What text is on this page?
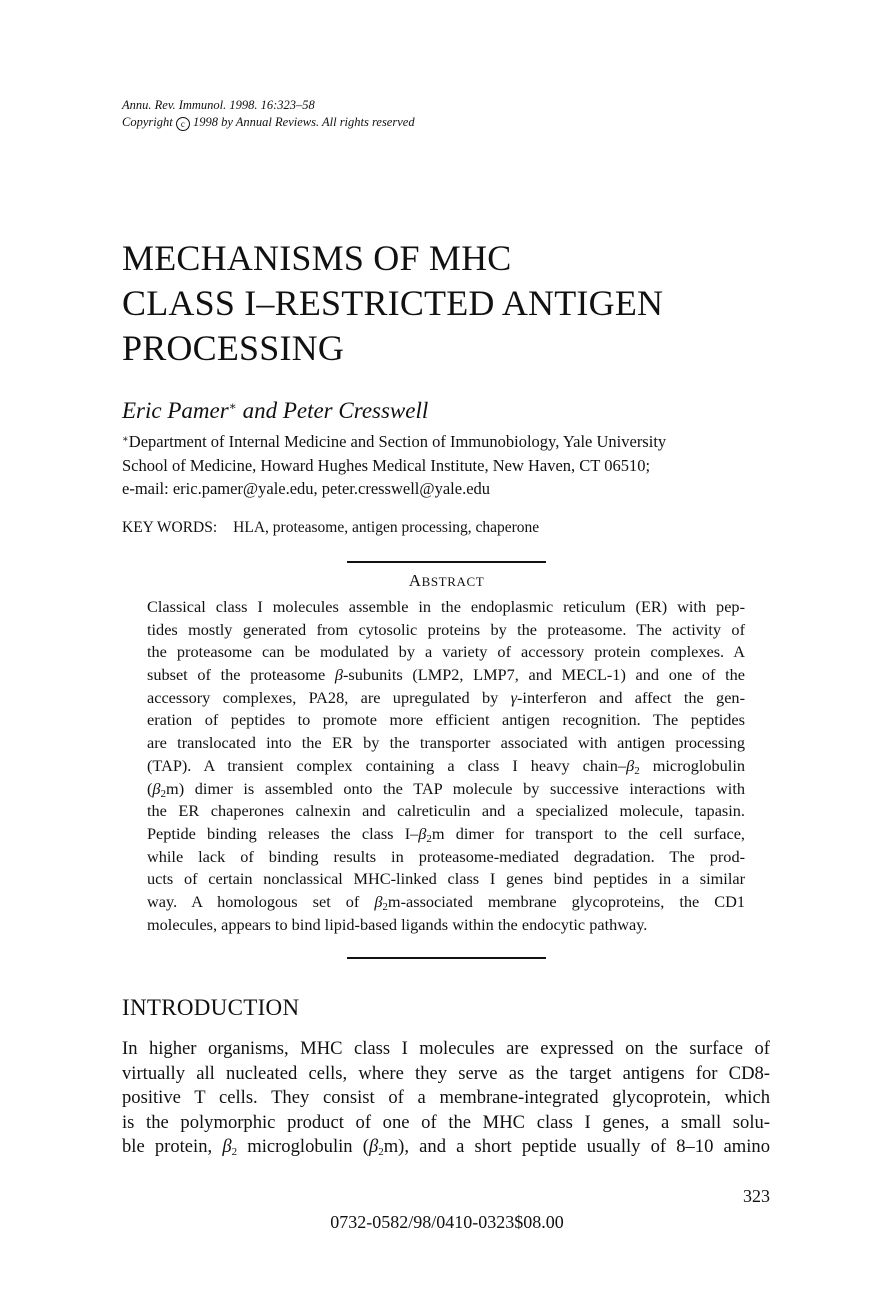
Annu. Rev. Immunol. 1998. 16:323–58
Copyright c 1998 by Annual Reviews. All rights reserved
MECHANISMS OF MHC
CLASS I–RESTRICTED ANTIGEN
PROCESSING
Eric Pamer∗ and Peter Cresswell
∗Department of Internal Medicine and Section of Immunobiology, Yale University
School of Medicine, Howard Hughes Medical Institute, New Haven, CT 06510;
e-mail: eric.pamer@yale.edu, peter.cresswell@yale.edu
KEY WORDS: HLA, proteasome, antigen processing, chaperone
ABSTRACT
Classical class I molecules assemble in the endoplasmic reticulum (ER) with pep-
tides mostly generated from cytosolic proteins by the proteasome. The activity of
the proteasome can be modulated by a variety of accessory protein complexes. A
subset of the proteasome β-subunits (LMP2, LMP7, and MECL-1) and one of the
accessory complexes, PA28, are upregulated by γ-interferon and affect the gen-
eration of peptides to promote more efficient antigen recognition. The peptides
are translocated into the ER by the transporter associated with antigen processing
(TAP). A transient complex containing a class I heavy chain–$\beta_2$ microglobulin
$(\beta_2m)$ dimer is assembled onto the TAP molecule by successive interactions with
the ER chaperones calnexin and calreticulin and a specialized molecule, tapasin.
Peptide binding releases the class $I-\beta_2m$ dimer for transport to the cell surface,
while lack of binding results in proteasome-mediated degradation. The prod-
ucts of certain nonclassical MHC-linked class I genes bind peptides in a similar
way. A homologous set of $\beta_2m$-associated membrane glycoproteins, the CD1
molecules, appears to bind lipid-based ligands within the endocytic pathway.
INTRODUCTION
In higher organisms, MHC class I molecules are expressed on the surface of
virtually all nucleated cells, where they serve as the target antigens for CD8-
positive T cells. They consist of a membrane-integrated glycoprotein, which
is the polymorphic product of one of the MHC class I genes, a small solu-
ble protein, $\beta_2$ microglobulin $(\beta_2m)$, and a short peptide usually of 8–10 amino
323
0732-0582/98/0410-0323$08.00
